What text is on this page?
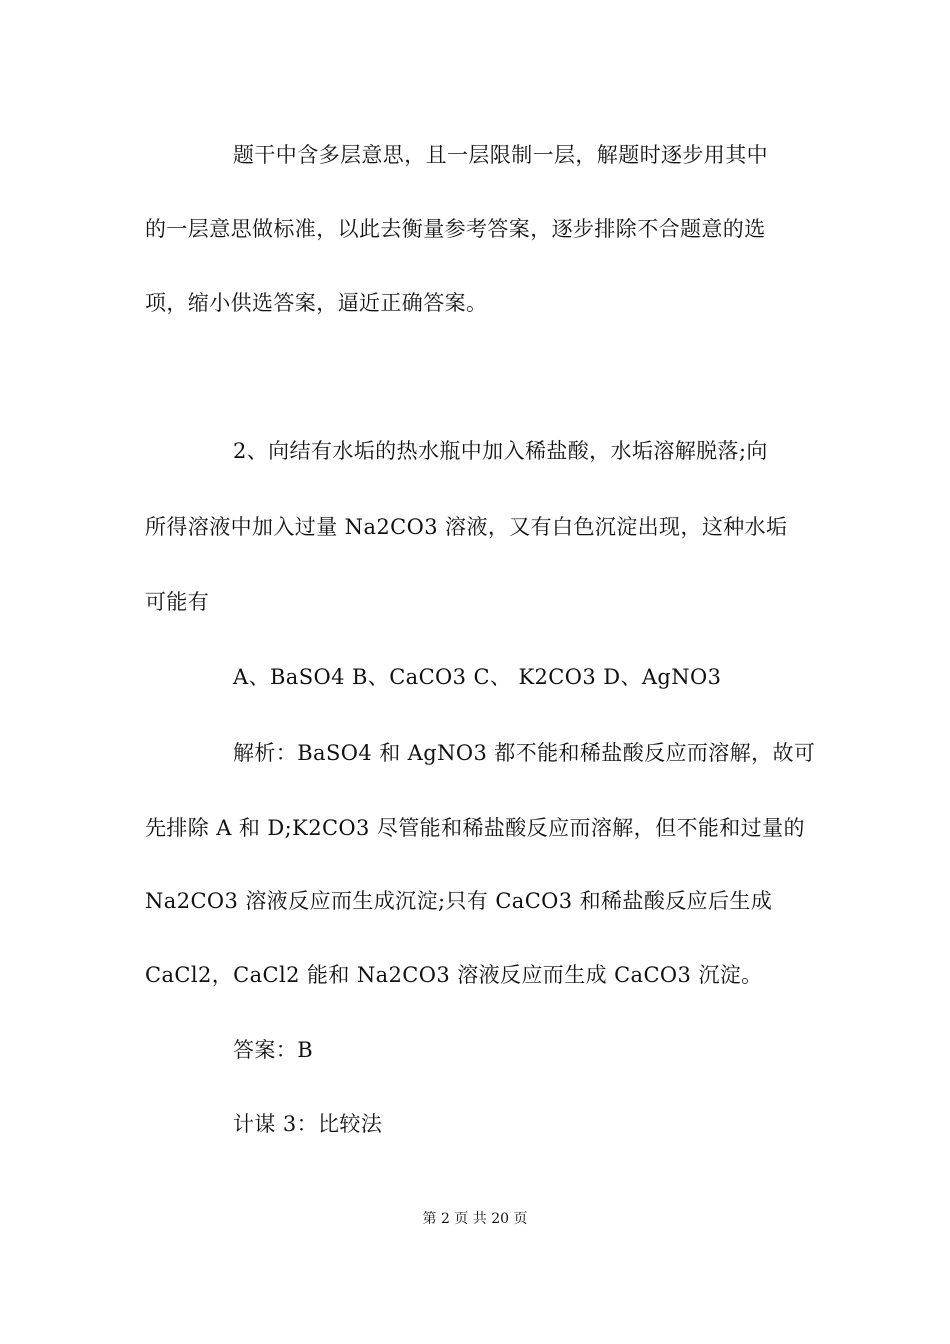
题干中含多层意思，且一层限制一层，解题时逐步用其中
的一层意思做标准，以此去衡量参考答案，逐步排除不合题意的选
项，缩小供选答案，逼近正确答案。
2、向结有水垢的热水瓶中加入稀盐酸，水垢溶解脱落;向
所得溶液中加入过量 Na2CO3 溶液，又有白色沉淀出现，这种水垢
可能有
A、BaSO4 B、CaCO3 C、 K2CO3 D、AgNO3
解析：BaSO4 和 AgNO3 都不能和稀盐酸反应而溶解，故可
先排除 A 和 D;K2CO3 尽管能和稀盐酸反应而溶解，但不能和过量的
Na2CO3 溶液反应而生成沉淀;只有 CaCO3 和稀盐酸反应后生成
CaCl2，CaCl2 能和 Na2CO3 溶液反应而生成 CaCO3 沉淀。
答案：B
计谋 3：比较法
第 2 页 共 20 页
